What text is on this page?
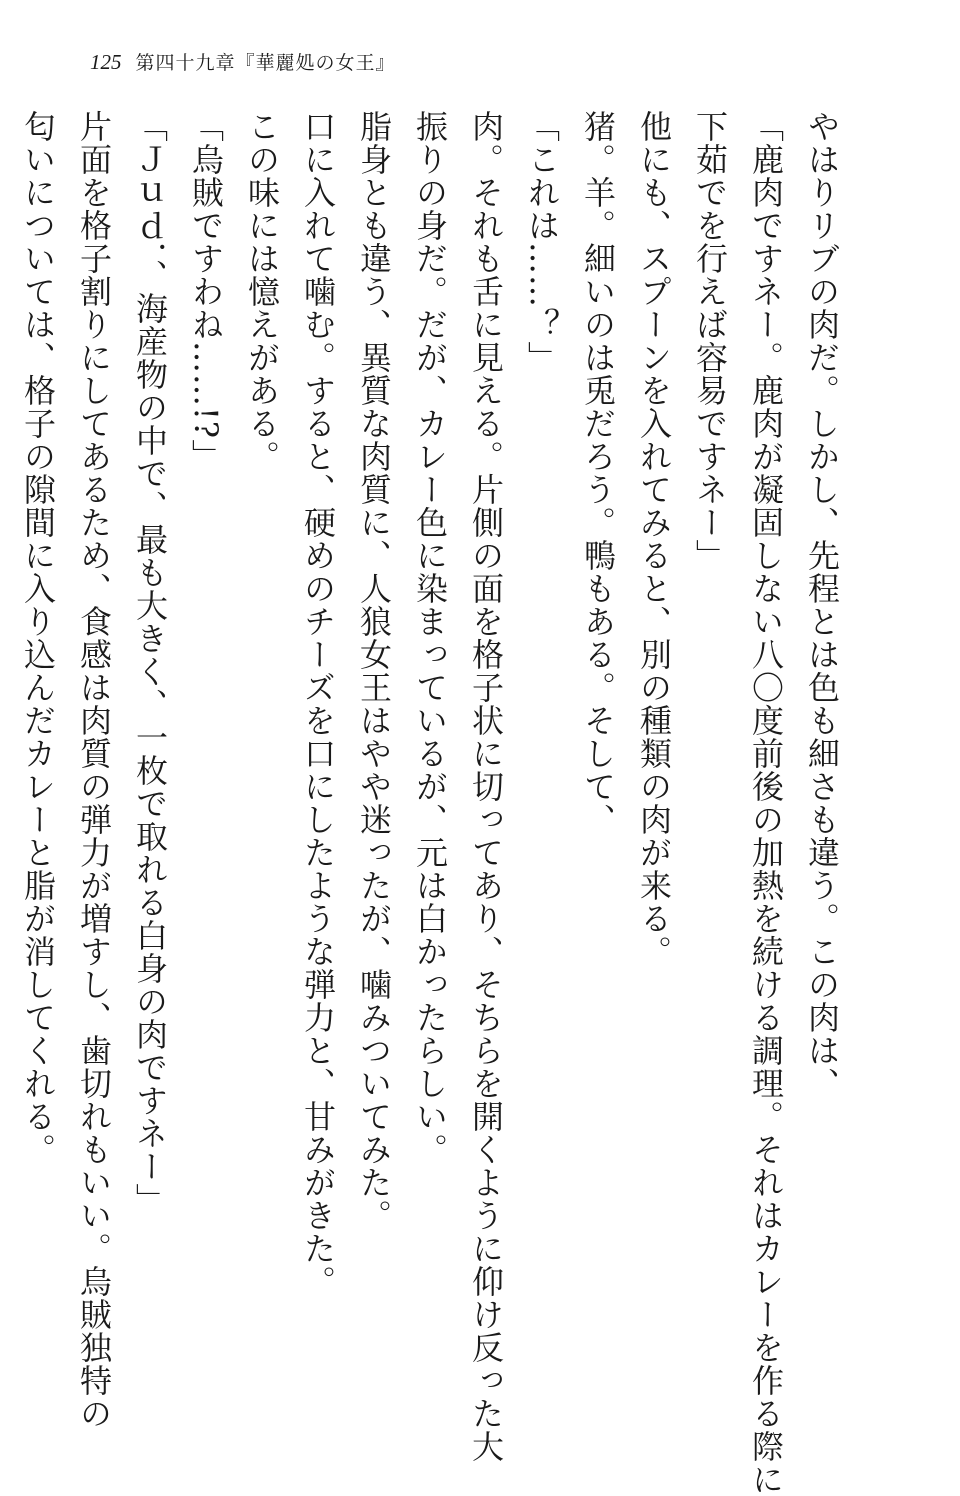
125 第四十九章『華麗処の女王』
やはりリブの肉だ。しかし、先程とは色も細さも違う。この肉は、
「鹿肉ですネー。鹿肉が凝固しない八〇度前後の加熱を続ける調理。それはカレーを作る際に
下茹でを行えば容易ですネー」
他にも、スプーンを入れてみると、別の種類の肉が来る。
猪。羊。細いのは兎だろう。鴨もある。そして、
「これは……？」
肉。それも舌に見える。片側の面を格子状に切ってあり、そちらを開くように仰け反った大
振りの身だ。だが、カレー色に染まっているが、元は白かったらしい。
脂身とも違う、異質な肉質に、人狼女王はやや迷ったが、噛みついてみた。
口に入れて噛む。すると、硬めのチーズを口にしたような弾力と、甘みがきた。
この味には憶えがある。
「烏賊ですわね……!?」
「Ｊｕｄ．、海産物の中で、最も大きく、一枚で取れる白身の肉ですネー」
片面を格子割りにしてあるため、食感は肉質の弾力が増すし、歯切れもいい。烏賊独特の
匂いについては、格子の隙間に入り込んだカレーと脂が消してくれる。
